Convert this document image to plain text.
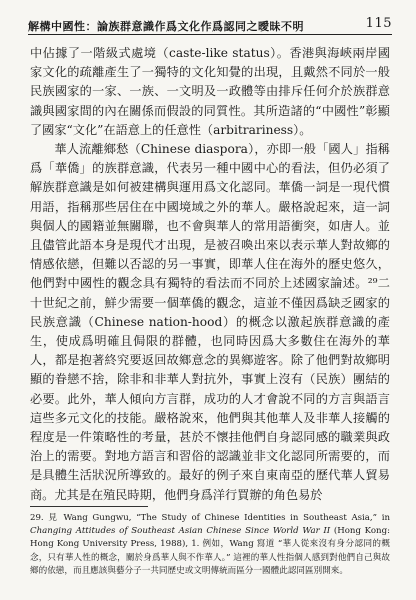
解構中國性：論族群意識作爲文化作爲認同之曖昧不明	115

中佔據了一階級式處境（caste-like status）。香港與海峽兩岸國家文化的疏離產生了一獨特的文化知覺的出現，且戴然不同於一般民族國家的一家、一族、一文明及一政體等由排斥任何介於族群意識與國家間的內在關係而假設的同質性。其所造諸的“中國性”彰顯了國家“文化”在語意上的任意性（arbitrariness）。

華人流離鄉愁（Chinese diaspora），亦即一般「國人」指稱爲「華僑」的族群意識，代表另一種中國中心的看法，但仍必須了解族群意識是如何被建構與運用爲文化認同。華僑一詞是一現代慣用語，指稱那些居住在中國境域之外的華人。嚴格說起來，這一詞與個人的國籍並無關聯，也不會與華人的常用語衝突，如唐人。並且儘管此語本身是現代才出現，是被召喚出來以表示華人對故鄉的情感依戀，但難以否認的另一事實，即華人住在海外的歷史悠久，他們對中國性的觀念具有獨特的看法而不同於上述國家論述。²⁹二十世紀之前，鮮少需要一個華僑的觀念，這並不僅因爲缺乏國家的民族意識（Chinese nation-hood）的概念以激起族群意識的產生，使成爲明確且侷限的群體，也同時因爲大多數住在海外的華人，都是抱著終究要返回故鄉意念的異鄉遊客。除了他們對故鄉明顯的眷戀不捨，除非和非華人對抗外，事實上沒有（民族）團結的必要。此外，華人傾向方言群，成功的人才會說不同的方言與語言這些多元文化的技能。嚴格說來，他們與其他華人及非華人接觸的程度是一件策略性的考量，甚於不懷挂他們自身認同感的職業與政治上的需要。對地方語言和習俗的認識並非文化認同所需要的，而是具體生活狀況所導致的。最好的例子來自東南亞的歷代華人貿易商。尤其是在殖民時期，他們身爲洋行買辦的角色易於

29. 見 Wang Gungwu, “The Study of Chinese Identities in Southeast Asia,” in Changing Attitudes of Southeast Asian Chinese Since World War II (Hong Kong: Hong Kong University Press, 1988), 1. 例如，Wang 寫道 “華人從來沒有身分認同的概念，只有華人性的概念，關於身爲華人與不作華人。” 這裡的華人性指個人感到對他們自己與故鄉的依戀，而且應該與藝分子一共同歷史或文明傳統而區分一國體此認同區別開來。
